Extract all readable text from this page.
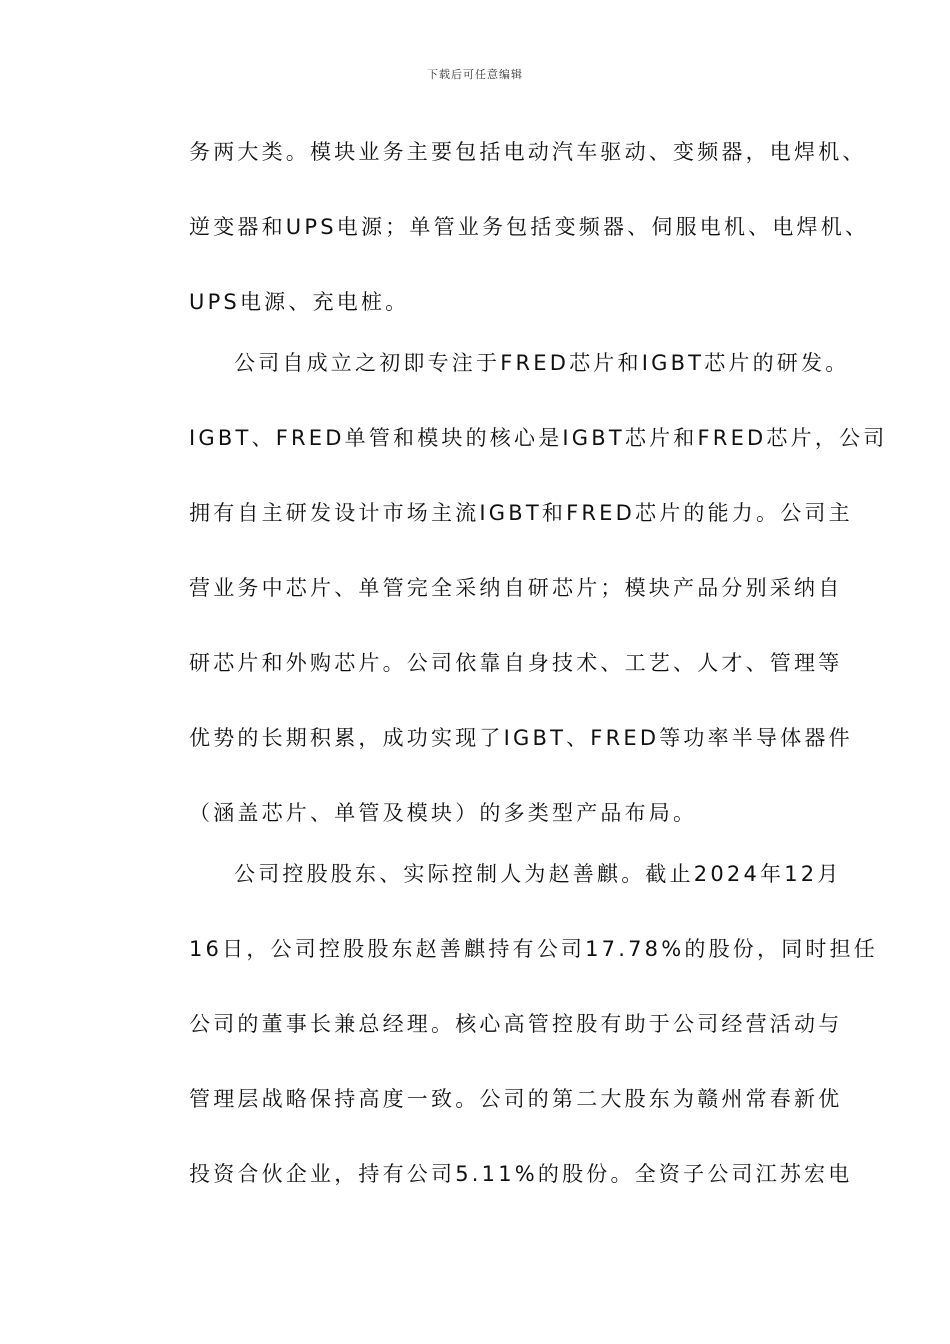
下载后可任意编辑
务两大类。模块业务主要包括电动汽车驱动、变频器，电焊机、
逆变器和UPS电源；单管业务包括变频器、伺服电机、电焊机、
UPS电源、充电桩。
公司自成立之初即专注于FRED芯片和IGBT芯片的研发。
IGBT、FRED单管和模块的核心是IGBT芯片和FRED芯片，公司
拥有自主研发设计市场主流IGBT和FRED芯片的能力。公司主
营业务中芯片、单管完全采纳自研芯片；模块产品分别采纳自
研芯片和外购芯片。公司依靠自身技术、工艺、人才、管理等
优势的长期积累，成功实现了IGBT、FRED等功率半导体器件
（涵盖芯片、单管及模块）的多类型产品布局。
公司控股股东、实际控制人为赵善麒。截止2024年12月
16日，公司控股股东赵善麒持有公司17.78%的股份，同时担任
公司的董事长兼总经理。核心高管控股有助于公司经营活动与
管理层战略保持高度一致。公司的第二大股东为赣州常春新优
投资合伙企业，持有公司5.11%的股份。全资子公司江苏宏电
